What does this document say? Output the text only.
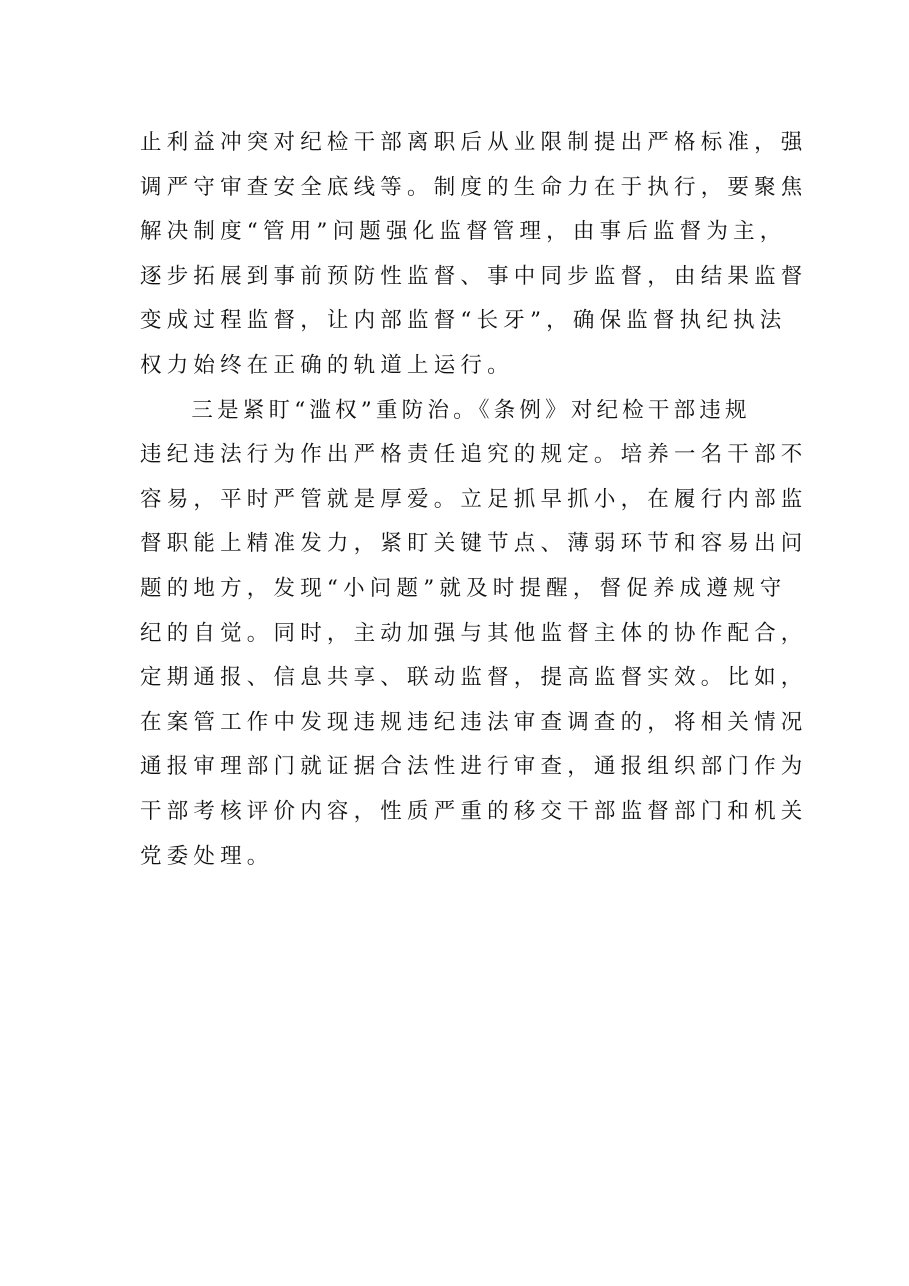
止利益冲突对纪检干部离职后从业限制提出严格标准，强
调严守审查安全底线等。制度的生命力在于执行，要聚焦
解决制度“管用”问题强化监督管理，由事后监督为主，
逐步拓展到事前预防性监督、事中同步监督，由结果监督
变成过程监督，让内部监督“长牙”，确保监督执纪执法
权力始终在正确的轨道上运行。
　　三是紧盯“滥权”重防治。《条例》对纪检干部违规
违纪违法行为作出严格责任追究的规定。培养一名干部不
容易，平时严管就是厚爱。立足抓早抓小，在履行内部监
督职能上精准发力，紧盯关键节点、薄弱环节和容易出问
题的地方，发现“小问题”就及时提醒，督促养成遵规守
纪的自觉。同时，主动加强与其他监督主体的协作配合，
定期通报、信息共享、联动监督，提高监督实效。比如，
在案管工作中发现违规违纪违法审查调查的，将相关情况
通报审理部门就证据合法性进行审查，通报组织部门作为
干部考核评价内容，性质严重的移交干部监督部门和机关
党委处理。
